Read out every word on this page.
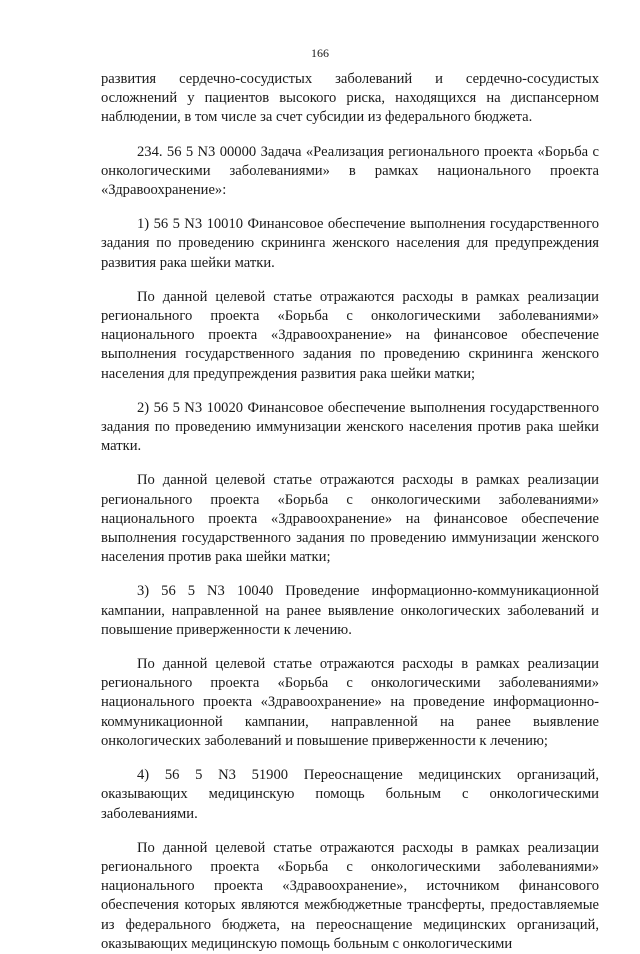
166

развития сердечно-сосудистых заболеваний и сердечно-сосудистых осложнений у пациентов высокого риска, находящихся на диспансерном наблюдении, в том числе за счет субсидии из федерального бюджета.

234. 56 5 N3 00000 Задача «Реализация регионального проекта «Борьба с онкологическими заболеваниями» в рамках национального проекта «Здравоохранение»:

1) 56 5 N3 10010 Финансовое обеспечение выполнения государственного задания по проведению скрининга женского населения для предупреждения развития рака шейки матки.

По данной целевой статье отражаются расходы в рамках реализации регионального проекта «Борьба с онкологическими заболеваниями» национального проекта «Здравоохранение» на финансовое обеспечение выполнения государственного задания по проведению скрининга женского населения для предупреждения развития рака шейки матки;

2) 56 5 N3 10020 Финансовое обеспечение выполнения государственного задания по проведению иммунизации женского населения против рака шейки матки.

По данной целевой статье отражаются расходы в рамках реализации регионального проекта «Борьба с онкологическими заболеваниями» национального проекта «Здравоохранение» на финансовое обеспечение выполнения государственного задания по проведению иммунизации женского населения против рака шейки матки;

3) 56 5 N3 10040 Проведение информационно-коммуникационной кампании, направленной на ранее выявление онкологических заболеваний и повышение приверженности к лечению.

По данной целевой статье отражаются расходы в рамках реализации регионального проекта «Борьба с онкологическими заболеваниями» национального проекта «Здравоохранение» на проведение информационно-коммуникационной кампании, направленной на ранее выявление онкологических заболеваний и повышение приверженности к лечению;

4) 56 5 N3 51900 Переоснащение медицинских организаций, оказывающих медицинскую помощь больным с онкологическими заболеваниями.

По данной целевой статье отражаются расходы в рамках реализации регионального проекта «Борьба с онкологическими заболеваниями» национального проекта «Здравоохранение», источником финансового обеспечения которых являются межбюджетные трансферты, предоставляемые из федерального бюджета, на переоснащение медицинских организаций, оказывающих медицинскую помощь больным с онкологическими
